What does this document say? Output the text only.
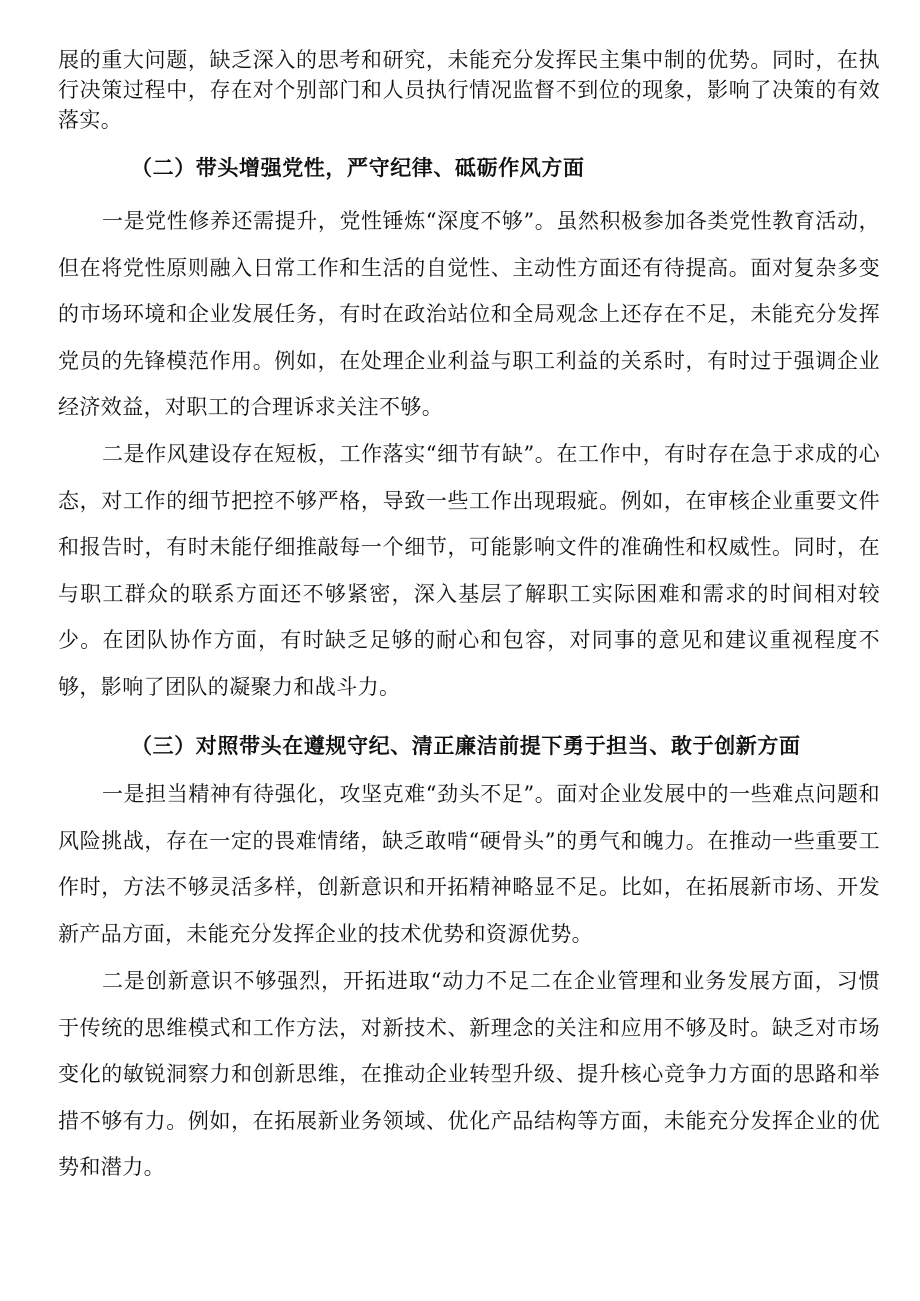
展的重大问题，缺乏深入的思考和研究，未能充分发挥民主集中制的优势。同时，在执行决策过程中，存在对个别部门和人员执行情况监督不到位的现象，影响了决策的有效落实。

（二）带头增强党性，严守纪律、砥砺作风方面

一是党性修养还需提升，党性锤炼“深度不够”。虽然积极参加各类党性教育活动，但在将党性原则融入日常工作和生活的自觉性、主动性方面还有待提高。面对复杂多变的市场环境和企业发展任务，有时在政治站位和全局观念上还存在不足，未能充分发挥党员的先锋模范作用。例如，在处理企业利益与职工利益的关系时，有时过于强调企业经济效益，对职工的合理诉求关注不够。

二是作风建设存在短板，工作落实“细节有缺”。在工作中，有时存在急于求成的心态，对工作的细节把控不够严格，导致一些工作出现瑕疵。例如，在审核企业重要文件和报告时，有时未能仔细推敲每一个细节，可能影响文件的准确性和权威性。同时，在与职工群众的联系方面还不够紧密，深入基层了解职工实际困难和需求的时间相对较少。在团队协作方面，有时缺乏足够的耐心和包容，对同事的意见和建议重视程度不够，影响了团队的凝聚力和战斗力。

（三）对照带头在遵规守纪、清正廉洁前提下勇于担当、敢于创新方面

一是担当精神有待强化，攻坚克难“劲头不足”。面对企业发展中的一些难点问题和风险挑战，存在一定的畏难情绪，缺乏敢啃“硬骨头”的勇气和魄力。在推动一些重要工作时，方法不够灵活多样，创新意识和开拓精神略显不足。比如，在拓展新市场、开发新产品方面，未能充分发挥企业的技术优势和资源优势。

二是创新意识不够强烈，开拓进取“动力不足二在企业管理和业务发展方面，习惯于传统的思维模式和工作方法，对新技术、新理念的关注和应用不够及时。缺乏对市场变化的敏锐洞察力和创新思维，在推动企业转型升级、提升核心竞争力方面的思路和举措不够有力。例如，在拓展新业务领域、优化产品结构等方面，未能充分发挥企业的优势和潜力。
